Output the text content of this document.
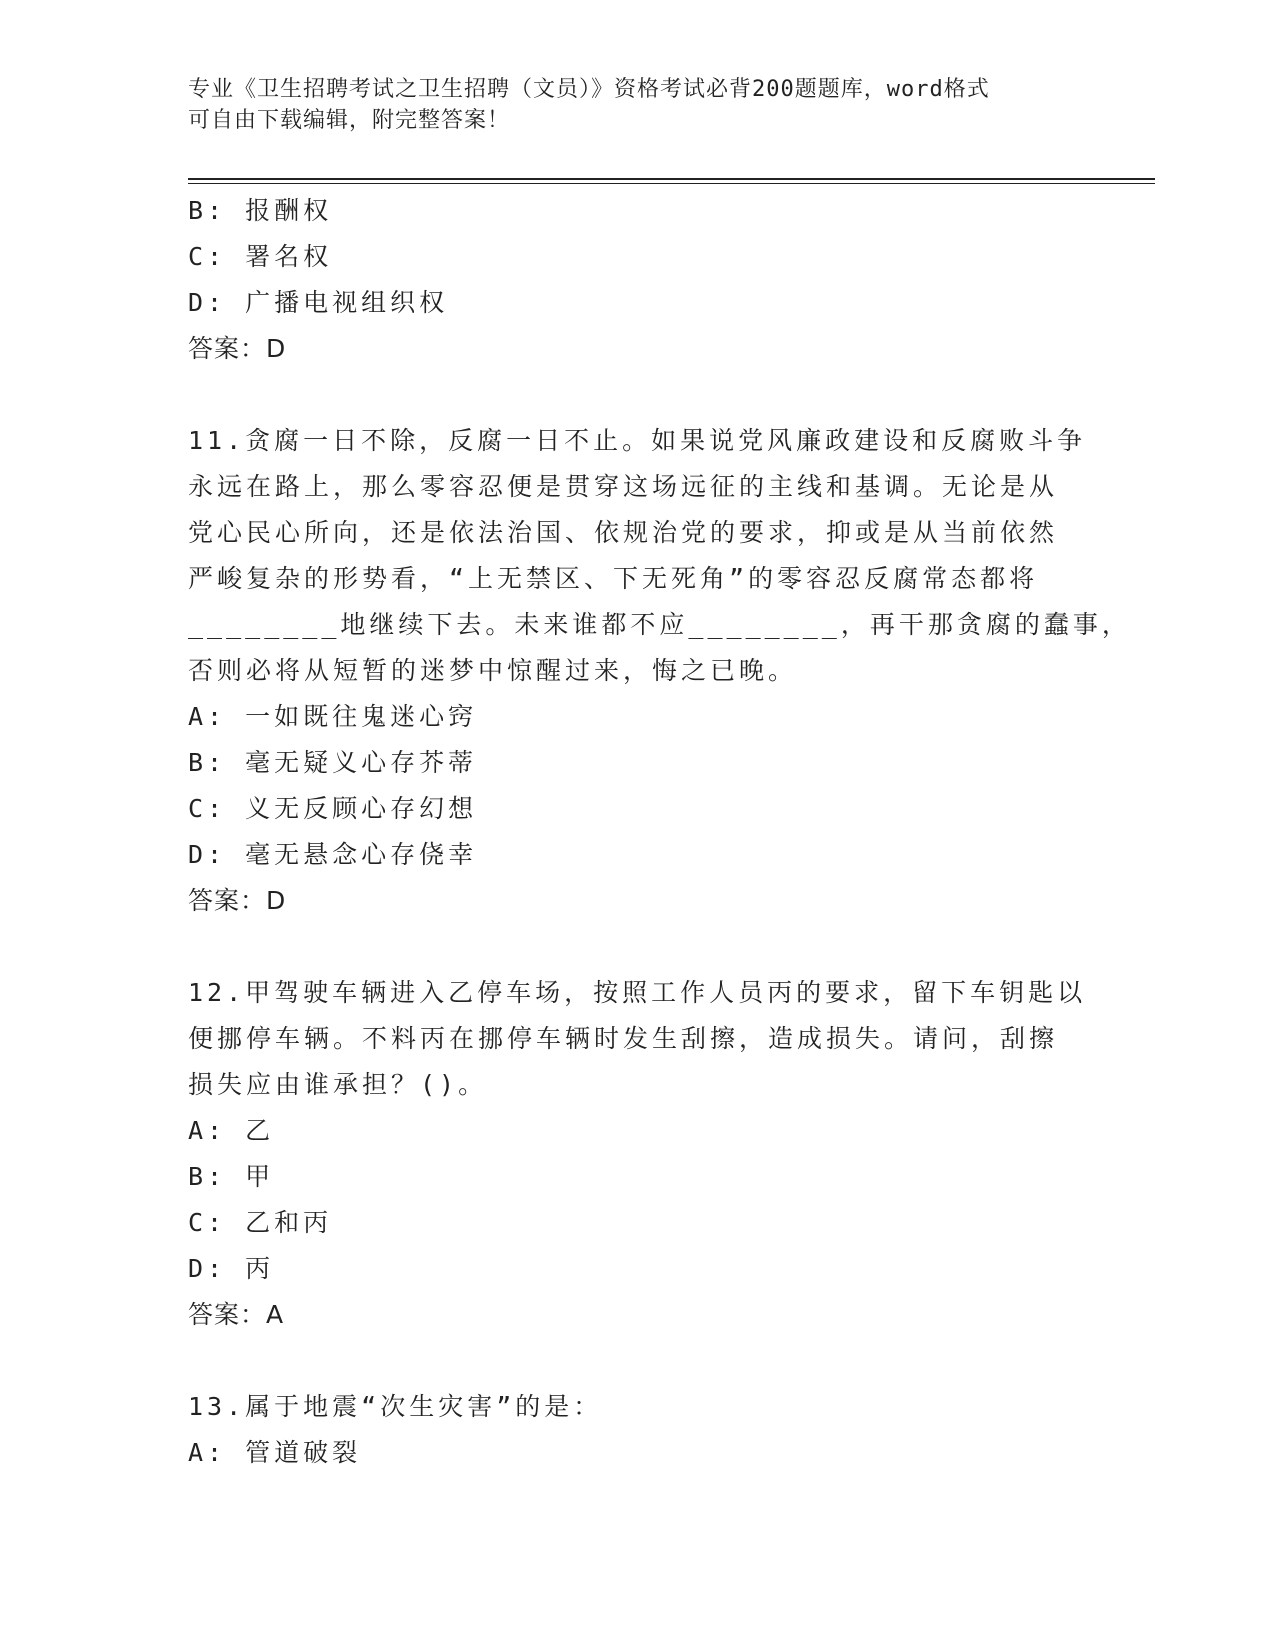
专业《卫生招聘考试之卫生招聘（文员）》资格考试必背200题题库，word格式
可自由下载编辑，附完整答案！
B: 报酬权
C: 署名权
D: 广播电视组织权
答案：D
11.贪腐一日不除，反腐一日不止。如果说党风廉政建设和反腐败斗争
永远在路上，那么零容忍便是贯穿这场远征的主线和基调。无论是从
党心民心所向，还是依法治国、依规治党的要求，抑或是从当前依然
严峻复杂的形势看，“上无禁区、下无死角”的零容忍反腐常态都将
________地继续下去。未来谁都不应________，再干那贪腐的蠢事，
否则必将从短暂的迷梦中惊醒过来，悔之已晚。
A: 一如既往鬼迷心窍
B: 毫无疑义心存芥蒂
C: 义无反顾心存幻想
D: 毫无悬念心存侥幸
答案：D
12.甲驾驶车辆进入乙停车场，按照工作人员丙的要求，留下车钥匙以
便挪停车辆。不料丙在挪停车辆时发生刮擦，造成损失。请问，刮擦
损失应由谁承担？()。
A: 乙
B: 甲
C: 乙和丙
D: 丙
答案：A
13.属于地震“次生灾害”的是：
A: 管道破裂
